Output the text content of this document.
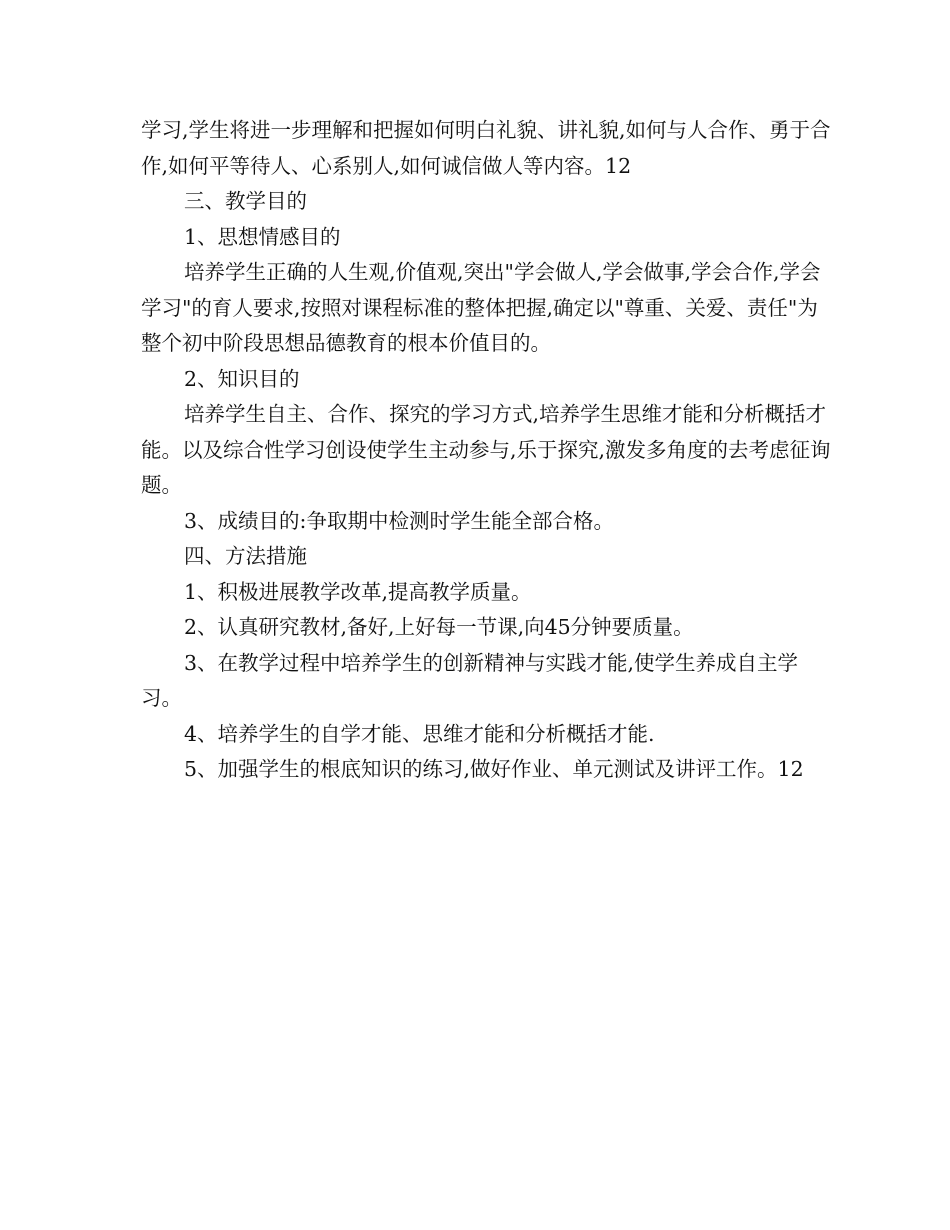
学习,学生将进一步理解和把握如何明白礼貌、讲礼貌,如何与人合作、勇于合作,如何平等待人、心系别人,如何诚信做人等内容。12

三、教学目的

1、思想情感目的

培养学生正确的人生观,价值观,突出"学会做人,学会做事,学会合作,学会学习"的育人要求,按照对课程标准的整体把握,确定以"尊重、关爱、责任"为整个初中阶段思想品德教育的根本价值目的。

2、知识目的

培养学生自主、合作、探究的学习方式,培养学生思维才能和分析概括才能。以及综合性学习创设使学生主动参与,乐于探究,激发多角度的去考虑征询题。

3、成绩目的:争取期中检测时学生能全部合格。

四、方法措施

1、积极进展教学改革,提高教学质量。

2、认真研究教材,备好,上好每一节课,向45分钟要质量。

3、在教学过程中培养学生的创新精神与实践才能,使学生养成自主学习。

4、培养学生的自学才能、思维才能和分析概括才能.

5、加强学生的根底知识的练习,做好作业、单元测试及讲评工作。12
